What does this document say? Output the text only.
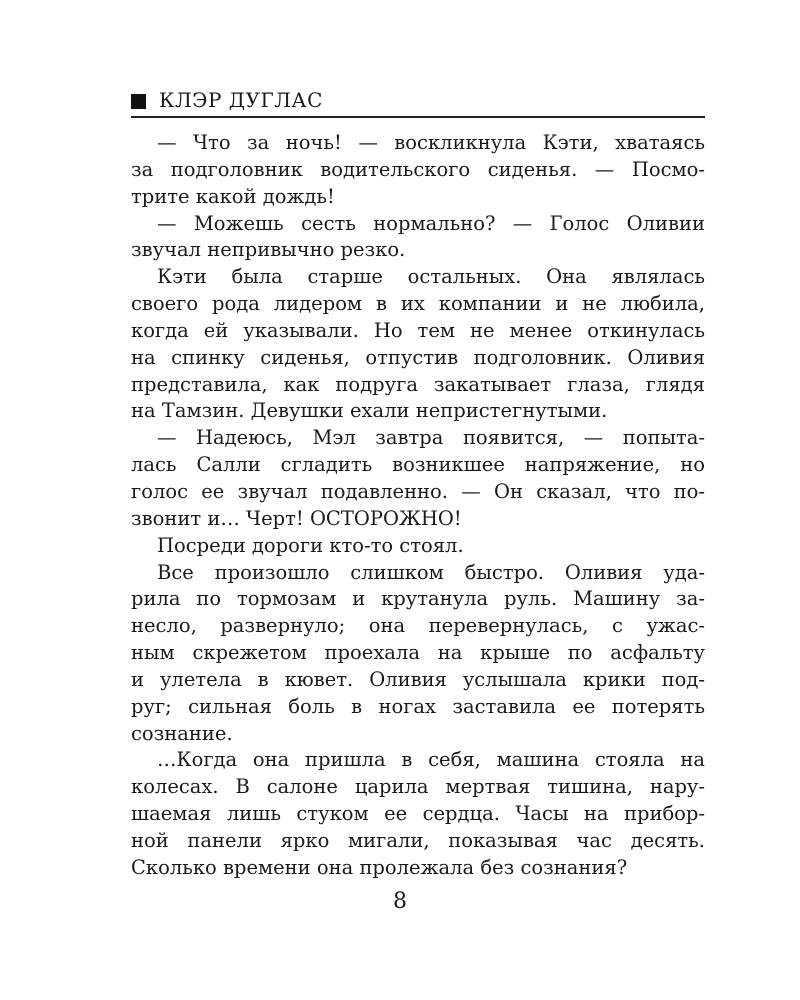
КЛЭР ДУГЛАС
— Что за ночь! — воскликнула Кэти, хватаясь
за подголовник водительского сиденья. — Посмо-
трите какой дождь!
— Можешь сесть нормально? — Голос Оливии
звучал непривычно резко.
Кэти была старше остальных. Она являлась
своего рода лидером в их компании и не любила,
когда ей указывали. Но тем не менее откинулась
на спинку сиденья, отпустив подголовник. Оливия
представила, как подруга закатывает глаза, глядя
на Тамзин. Девушки ехали непристегнутыми.
— Надеюсь, Мэл завтра появится, — попыта-
лась Салли сгладить возникшее напряжение, но
голос ее звучал подавленно. — Он сказал, что по-
звонит и… Черт! ОСТОРОЖНО!
Посреди дороги кто-то стоял.
Все произошло слишком быстро. Оливия уда-
рила по тормозам и крутанула руль. Машину за-
несло, развернуло; она перевернулась, с ужас-
ным скрежетом проехала на крыше по асфальту
и улетела в кювет. Оливия услышала крики под-
руг; сильная боль в ногах заставила ее потерять
сознание.
…Когда она пришла в себя, машина стояла на
колесах. В салоне царила мертвая тишина, нару-
шаемая лишь стуком ее сердца. Часы на прибор-
ной панели ярко мигали, показывая час десять.
Сколько времени она пролежала без сознания?
8
